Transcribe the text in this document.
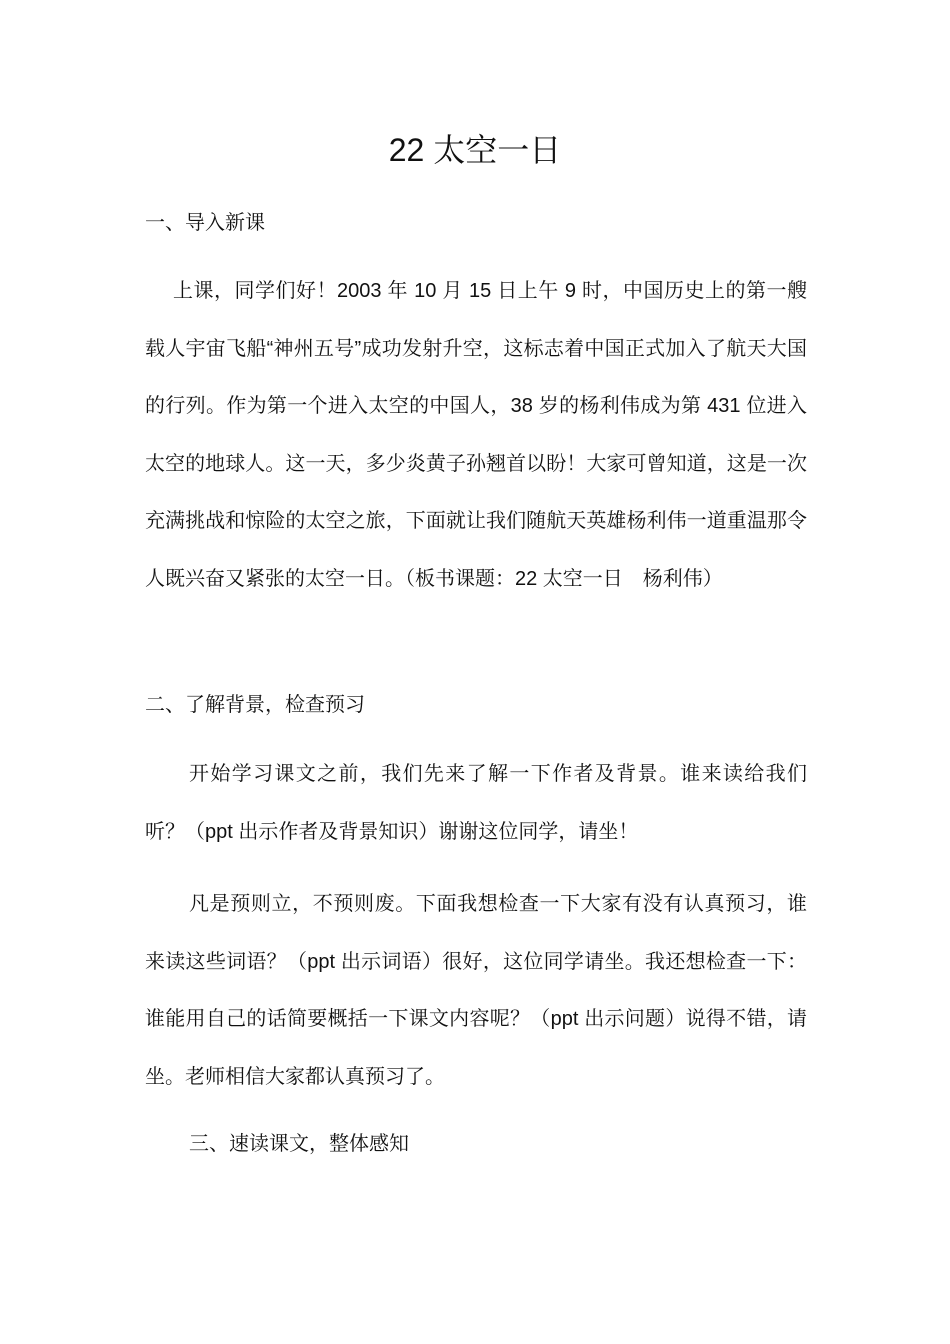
22 太空一日
一、导入新课
上课，同学们好！2003 年 10 月 15 日上午 9 时，中国历史上的第一艘载人宇宙飞船“神州五号”成功发射升空，这标志着中国正式加入了航天大国的行列。作为第一个进入太空的中国人，38 岁的杨利伟成为第 431 位进入太空的地球人。这一天，多少炎黄子孙翘首以盼！大家可曾知道，这是一次充满挑战和惊险的太空之旅，下面就让我们随航天英雄杨利伟一道重温那令人既兴奋又紧张的太空一日。（板书课题：22 太空一日　杨利伟）
二、了解背景，检查预习
开始学习课文之前，我们先来了解一下作者及背景。谁来读给我们听？（ppt 出示作者及背景知识）谢谢这位同学，请坐！
凡是预则立，不预则废。下面我想检查一下大家有没有认真预习，谁来读这些词语？（ppt 出示词语）很好，这位同学请坐。我还想检查一下：谁能用自己的话简要概括一下课文内容呢？（ppt 出示问题）说得不错，请坐。老师相信大家都认真预习了。
三、速读课文，整体感知
